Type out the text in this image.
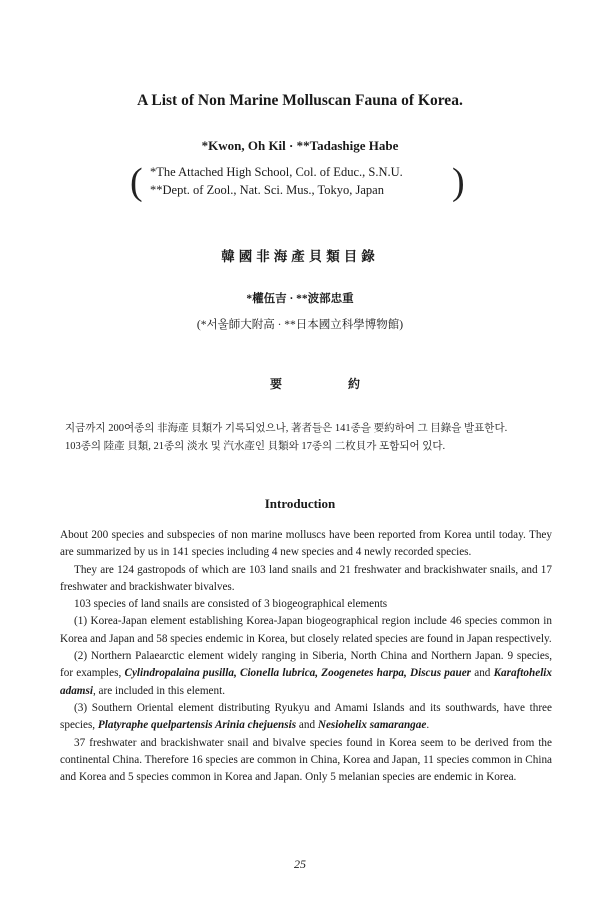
A List of Non Marine Molluscan Fauna of Korea.
*Kwon, Oh Kil · **Tadashige Habe
( *The Attached High School, Col. of Educ., S.N.U.
**Dept. of Zool., Nat. Sci. Mus., Tokyo, Japan	)
韓國非海產貝類目錄
*權伍吉 · **波部忠重
(*서울師大附高 · **日本國立科學博物館)
要	約
지금까지 200여종의 非海產 貝類가 기록되었으나, 著者들은 141종을 要約하여 그 目錄을 발표한다.
103종의 陸產 貝類, 21종의 淡水 및 汽水產인 貝類와 17종의 二枚貝가 포함되어 있다.
Introduction

About 200 species and subspecies of non marine molluscs have been reported from Korea until today. They are summarized by us in 141 species including 4 new species and 4 newly recorded species.

They are 124 gastropods of which are 103 land snails and 21 freshwater and brackishwater snails, and 17 freshwater and brackishwater bivalves.

103 species of land snails are consisted of 3 biogeographical elements

(1) Korea-Japan element establishing Korea-Japan biogeographical region include 46 species common in Korea and Japan and 58 species endemic in Korea, but closely related species are found in Japan respectively.

(2) Northern Palaearctic element widely ranging in Siberia, North China and Northern Japan. 9 species, for examples, Cylindropalaina pusilla, Cionella lubrica, Zoogenetes harpa, Discus pauer and Karaftohelix adamsi, are included in this element.

(3) Southern Oriental element distributing Ryukyu and Amami Islands and its southwards, have three species, Platyraphe quelpartensis Arinia chejuensis and Nesiohelix samarangae.

37 freshwater and brackishwater snail and bivalve species found in Korea seem to be derived from the continental China. Therefore 16 species are common in China, Korea and Japan, 11 species common in China and Korea and 5 species common in Korea and Japan. Only 5 melanian species are endemic in Korea.

25
